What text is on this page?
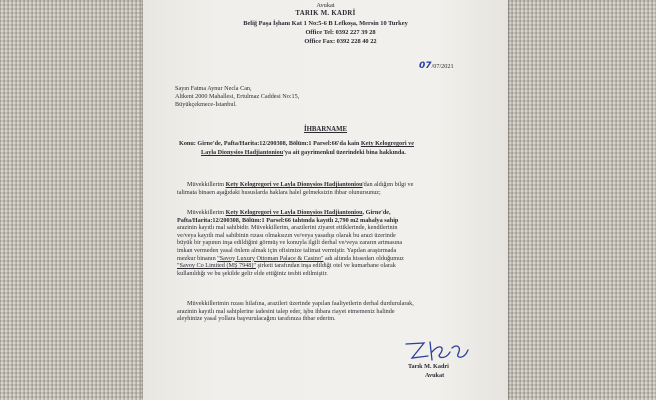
Avukat
TARIK M. KADRİ
Beliğ Paşa İşhanı Kat 1 No:5-6 B Lefkoşa, Mersin 10 Turkey
Office Tel: 0392 227 39 28
Office Fax: 0392 228 40 22
07/07/2021
Sayın Fatma Aynur Necla Can,
Altkent 2000 Mahallesi, Ertulmaz Caddesi No:15,
Büyükçekmece-İstanbul.
İHBARNAME
Konu: Girne'de, Pafta/Harita:12/200308, Bölüm:1 Parsel:66'da kain Kety Kelogregori ve
Layla Dionysios Hadjiantoniou'ya ait gayrimenkul üzerindeki bina hakkında.
Müvekkillerim Kety Kelogregori ve Layla Dionysios Hadjiantoniou'dan aldığım bilgi ve
talimata binaen aşağıdaki hususlarda haklara halel gelmeksizin ihbar olunursunuz;
Müvekkillerim Kety Kelogregori ve Layla Dionysios Hadjiantoniou, Girne'de,
Pafta/Harita:12/200308, Bölüm:1 Parsel:66 tahtında kayıtlı 2,790 m2 mahalya sahip
arazinin kayıtlı mal sahibidir. Müvekkillerim, arazilerini ziyaret ettiklerinde, kendilerinin
ve/veya kayıtlı mal sahibinin rızası olmaksızın ve/veya yasadışı olarak bu arazi üzerinde
büyük bir yapının inşa edildiğini görmüş ve konuyla ilgili derhal ve/veya zararın artmasına
imkan vermeden yasal önlem almak için ofisimize talimat vermiştir. Yapılan araştırmada
mezkur binanın "Savoy Luxury Ottoman Palace & Casino" adı altında hissedarı olduğumuz
"Savoy Co Limited (MŞ 7948)" şirketi tarafından inşa edildiği otel ve kumarhane olarak
kullanıldığı ve bu şekilde gelir elde ettiğiniz tesbit edilmiştir.
Müvekkillerimin rızası hilafına, arazileri üzerinde yapılan faaliyetlerin derhal durdurularak,
arazinin kayıtlı mal sahiplerine iadesini talep eder, işbu ihbara riayet etmemeniz halinde
aleyhinize yasal yollara başvurulacağını tarafınıza ihbar ederim.
Tarık M. Kadri
Avukat
